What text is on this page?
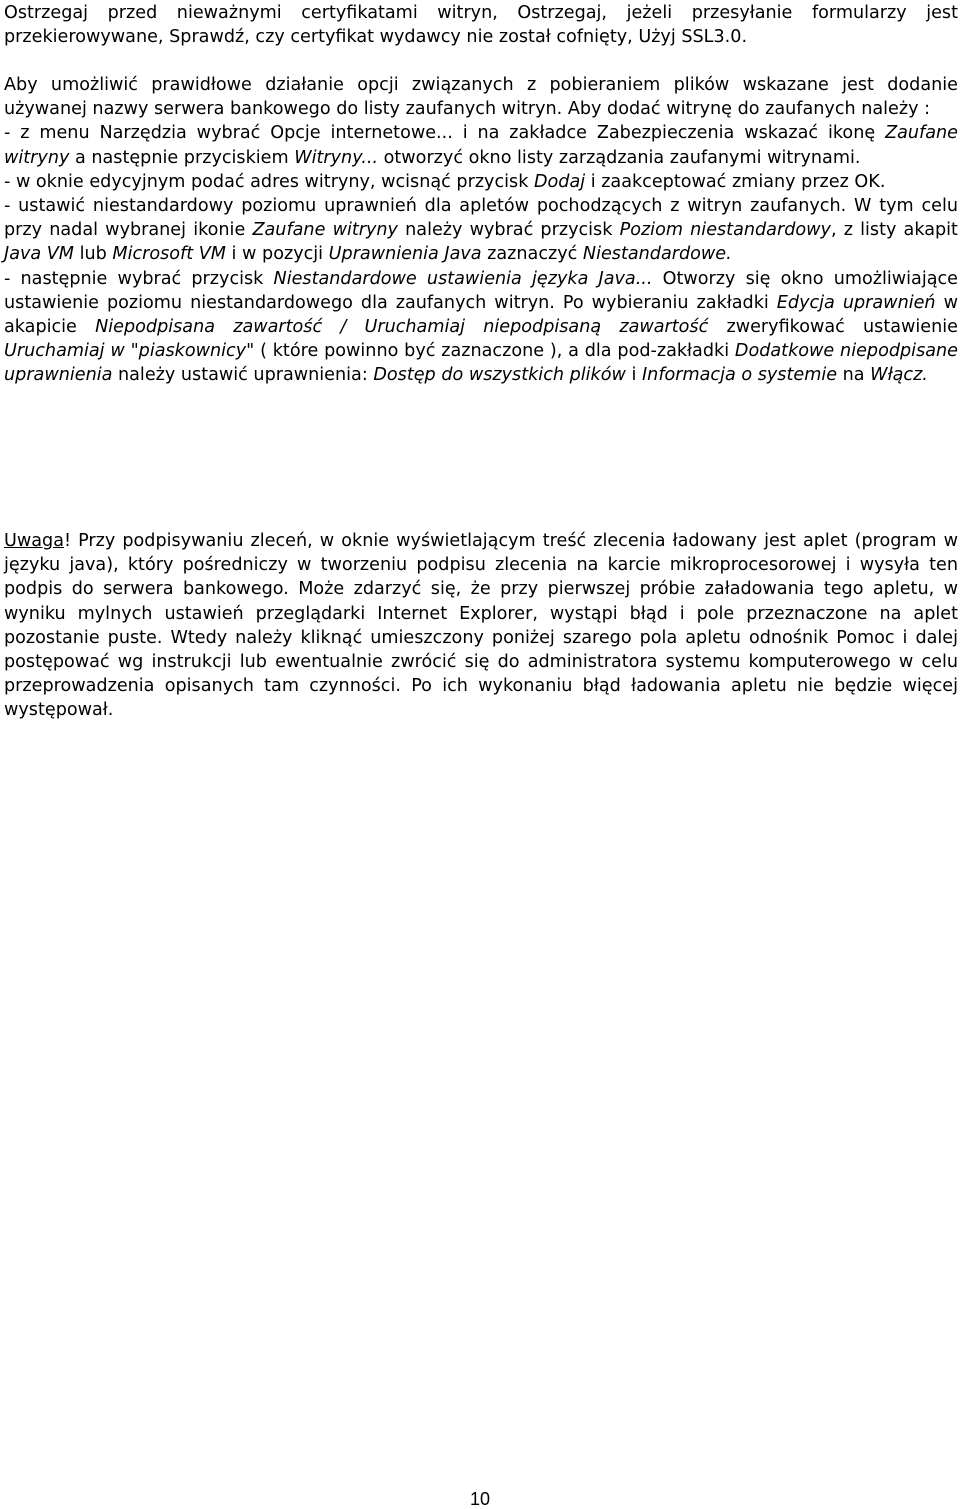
Ostrzegaj przed nieważnymi certyfikatami witryn, Ostrzegaj, jeżeli przesyłanie formularzy jest przekierowywane, Sprawdź, czy certyfikat wydawcy nie został cofnięty, Użyj SSL3.0.

Aby umożliwić prawidłowe działanie opcji związanych z pobieraniem plików wskazane jest dodanie używanej nazwy serwera bankowego do listy zaufanych witryn. Aby dodać witrynę do zaufanych należy :

- z menu Narzędzia wybrać Opcje internetowe... i na zakładce Zabezpieczenia wskazać ikonę Zaufane witryny a następnie przyciskiem Witryny... otworzyć okno listy zarządzania zaufanymi witrynami.

- w oknie edycyjnym podać adres witryny, wcisnąć przycisk Dodaj i zaakceptować zmiany przez OK.

- ustawić niestandardowy poziomu uprawnień dla apletów pochodzących z witryn zaufanych. W tym celu przy nadal wybranej ikonie Zaufane witryny należy wybrać przycisk Poziom niestandardowy, z listy akapit Java VM lub Microsoft VM i w pozycji Uprawnienia Java zaznaczyć Niestandardowe.

- następnie wybrać przycisk Niestandardowe ustawienia języka Java... Otworzy się okno umożliwiające ustawienie poziomu niestandardowego dla zaufanych witryn. Po wybieraniu zakładki Edycja uprawnień w akapicie Niepodpisana zawartość / Uruchamiaj niepodpisaną zawartość zweryfikować ustawienie Uruchamiaj w "piaskownicy" ( które powinno być zaznaczone ), a dla pod-zakładki Dodatkowe niepodpisane uprawnienia należy ustawić uprawnienia: Dostęp do wszystkich plików i Informacja o systemie na Włącz.

Uwaga! Przy podpisywaniu zleceń, w oknie wyświetlającym treść zlecenia ładowany jest aplet (program w języku java), który pośredniczy w tworzeniu podpisu zlecenia na karcie mikroprocesorowej i wysyła ten podpis do serwera bankowego. Może zdarzyć się, że przy pierwszej próbie załadowania tego apletu, w wyniku mylnych ustawień przeglądarki Internet Explorer, wystąpi błąd i pole przeznaczone na aplet pozostanie puste. Wtedy należy kliknąć umieszczony poniżej szarego pola apletu odnośnik Pomoc i dalej postępować wg instrukcji lub ewentualnie zwrócić się do administratora systemu komputerowego w celu przeprowadzenia opisanych tam czynności. Po ich wykonaniu błąd ładowania apletu nie będzie więcej występował.

10
